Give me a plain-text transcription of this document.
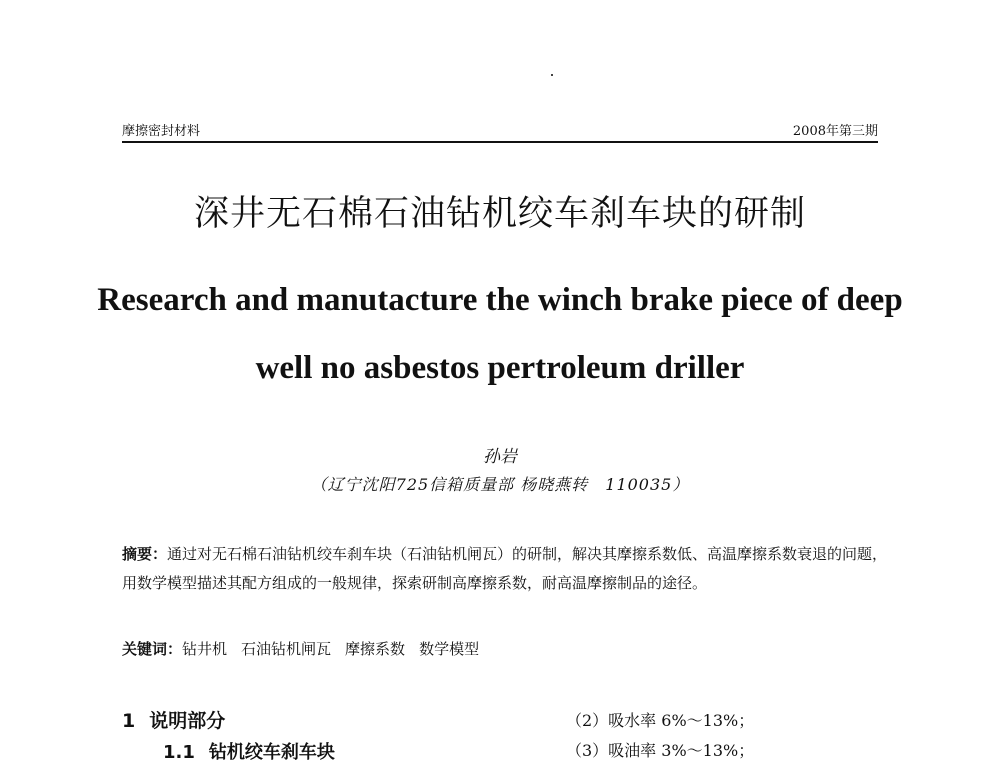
摩擦密封材料	2008年第三期
深井无石棉石油钻机绞车刹车块的研制
Research and manutacture the winch brake piece of deep
well no asbestos pertroleum driller
孙岩
（辽宁沈阳725信箱质量部 杨晓燕转　110035）

摘要：通过对无石棉石油钻机绞车刹车块（石油钻机闸瓦）的研制，解决其摩擦系数低、高温摩擦系数衰退的问题，用数学模型描述其配方组成的一般规律，探索研制高摩擦系数，耐高温摩擦制品的途径。

关键词：钻井机 石油钻机闸瓦 摩擦系数 数学模型
1 说明部分
1.1 钻机绞车刹车块
（2）吸水率 6%～13%；
（3）吸油率 3%～13%；
